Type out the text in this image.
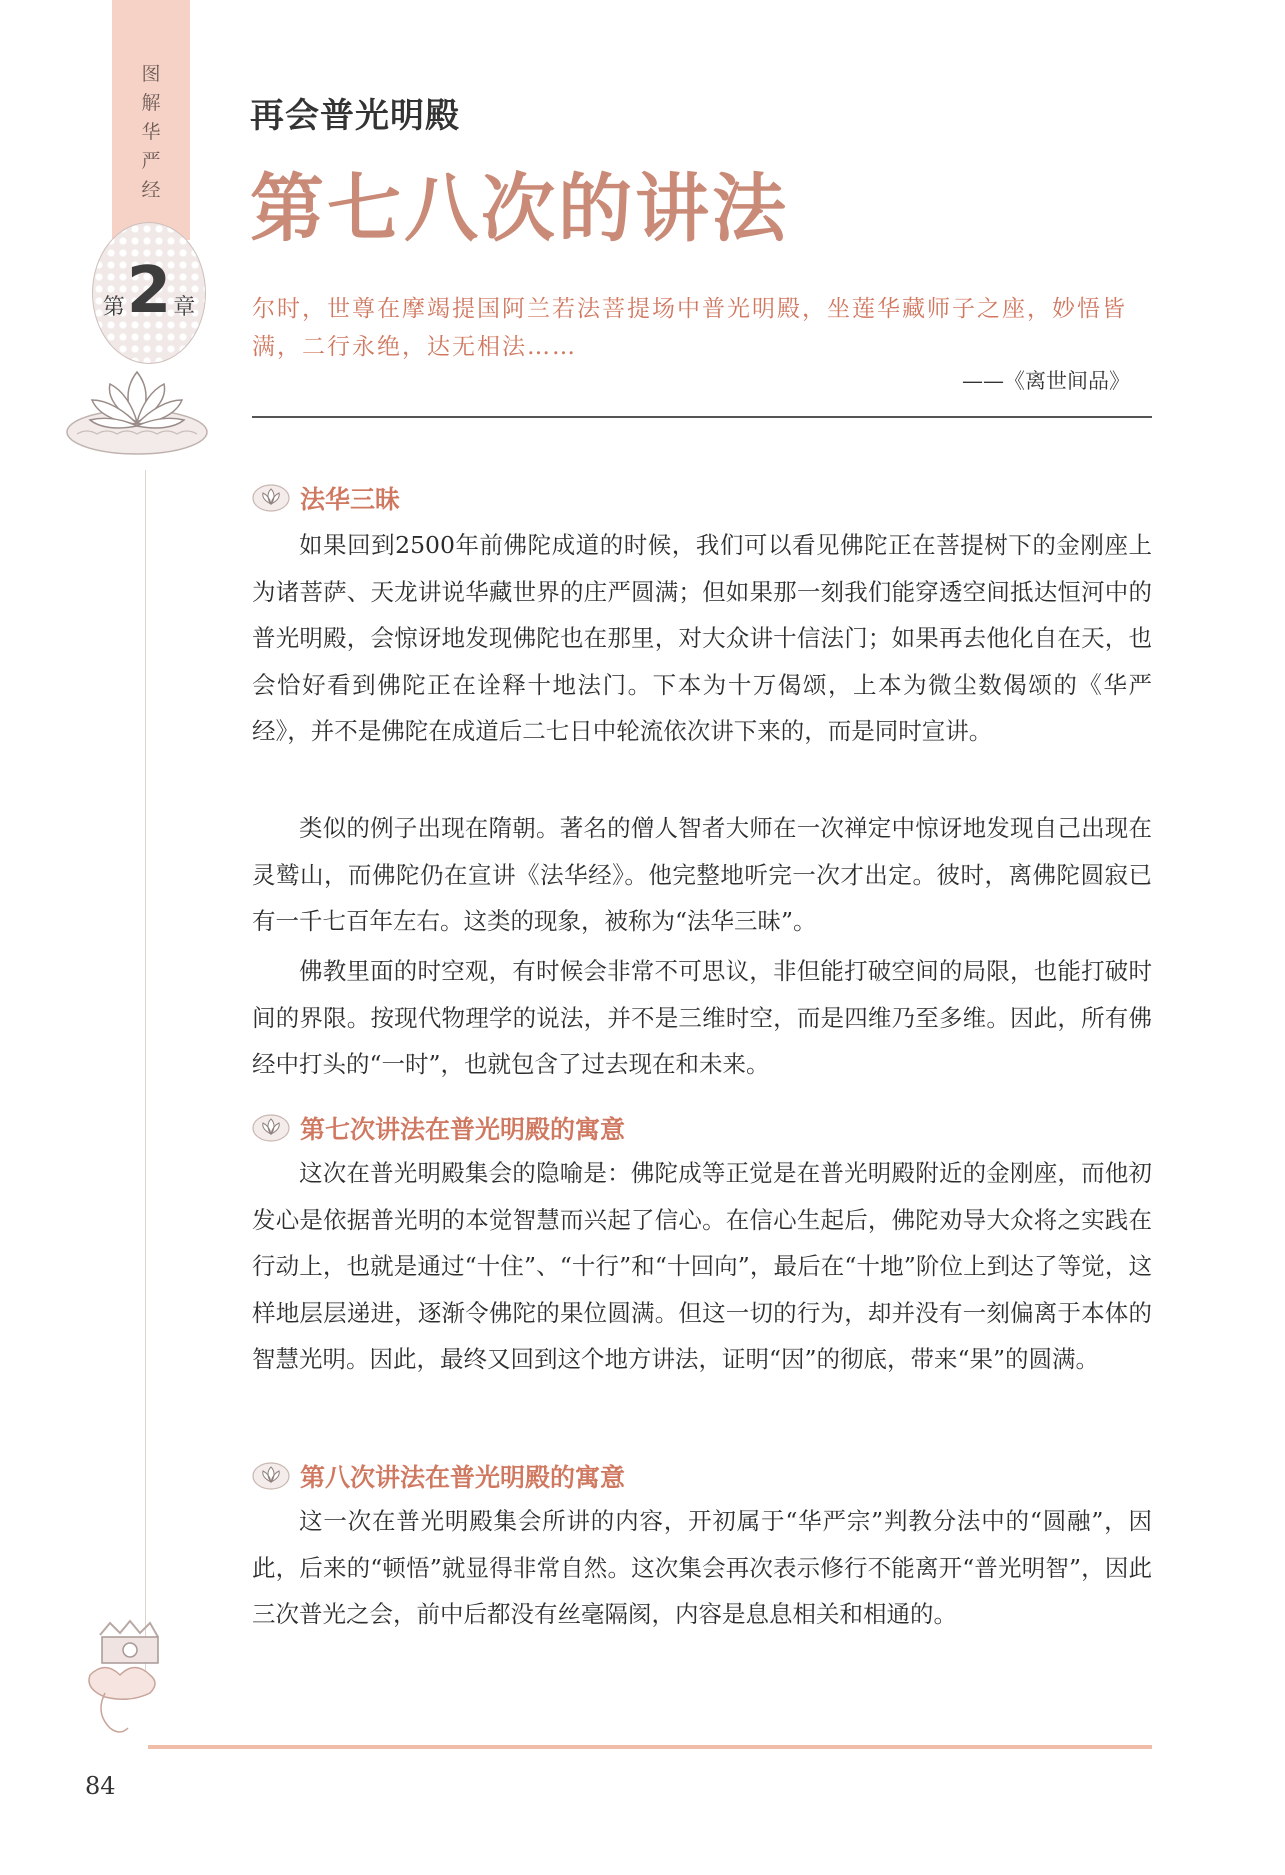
图
解
华
严
经
第2章
再会普光明殿
第七八次的讲法
尔时，世尊在摩竭提国阿兰若法菩提场中普光明殿，坐莲华藏师子之座，妙悟皆满，二行永绝，达无相法……
——《离世间品》
法华三昧

如果回到2500年前佛陀成道的时候，我们可以看见佛陀正在菩提树下的金刚座上为诸菩萨、天龙讲说华藏世界的庄严圆满；但如果那一刻我们能穿透空间抵达恒河中的普光明殿，会惊讶地发现佛陀也在那里，对大众讲十信法门；如果再去他化自在天，也会恰好看到佛陀正在诠释十地法门。下本为十万偈颂，上本为微尘数偈颂的《华严经》，并不是佛陀在成道后二七日中轮流依次讲下来的，而是同时宣讲。

类似的例子出现在隋朝。著名的僧人智者大师在一次禅定中惊讶地发现自己出现在灵鹫山，而佛陀仍在宣讲《法华经》。他完整地听完一次才出定。彼时，离佛陀圆寂已有一千七百年左右。这类的现象，被称为“法华三昧”。

佛教里面的时空观，有时候会非常不可思议，非但能打破空间的局限，也能打破时间的界限。按现代物理学的说法，并不是三维时空，而是四维乃至多维。因此，所有佛经中打头的“一时”，也就包含了过去现在和未来。

第七次讲法在普光明殿的寓意

这次在普光明殿集会的隐喻是：佛陀成等正觉是在普光明殿附近的金刚座，而他初发心是依据普光明的本觉智慧而兴起了信心。在信心生起后，佛陀劝导大众将之实践在行动上，也就是通过“十住”、“十行”和“十回向”，最后在“十地”阶位上到达了等觉，这样地层层递进，逐渐令佛陀的果位圆满。但这一切的行为，却并没有一刻偏离于本体的智慧光明。因此，最终又回到这个地方讲法，证明“因”的彻底，带来“果”的圆满。

第八次讲法在普光明殿的寓意

这一次在普光明殿集会所讲的内容，开初属于“华严宗”判教分法中的“圆融”，因此，后来的“顿悟”就显得非常自然。这次集会再次表示修行不能离开“普光明智”，因此三次普光之会，前中后都没有丝毫隔阂，内容是息息相关和相通的。

84
